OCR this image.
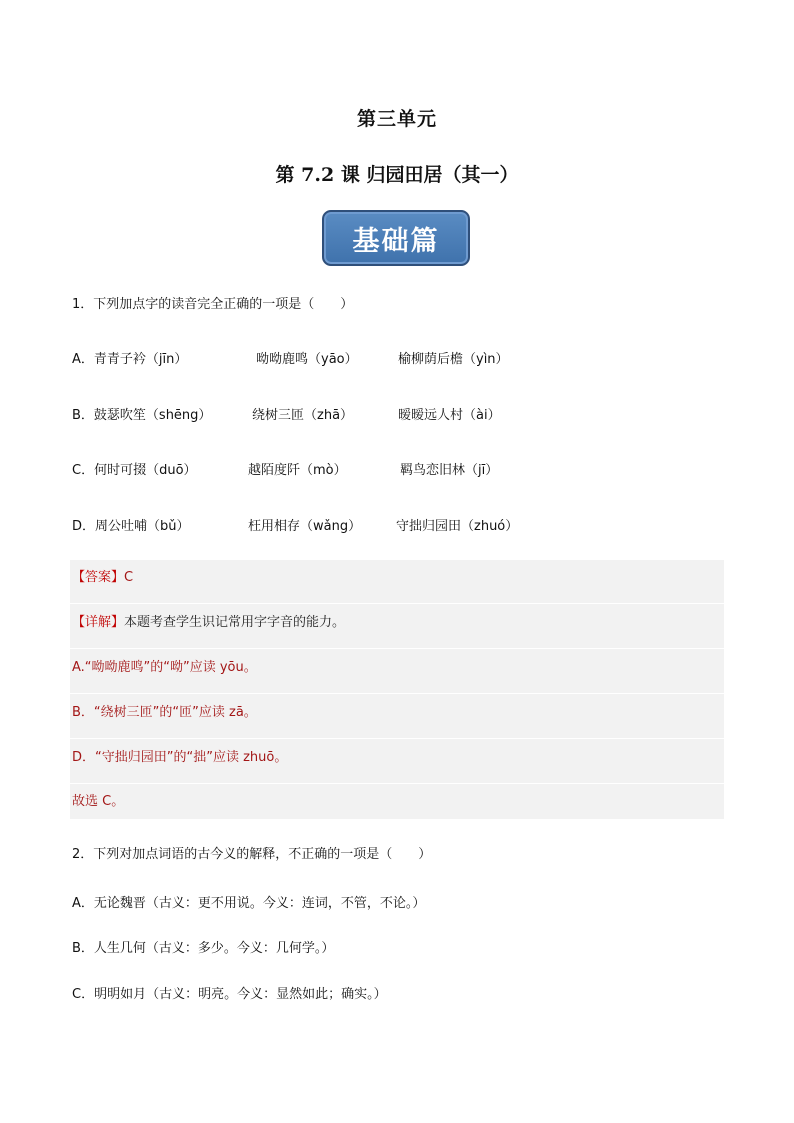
第三单元
第 7.2 课 归园田居（其一）
基础篇
1．下列加点字的读音完全正确的一项是（　　）
A．青青子衿（jīn）	呦呦鹿鸣（yāo）	榆柳荫后檐（yìn）
B．鼓瑟吹笙（shēng）	绕树三匝（zhā）	暧暧远人村（ài）
C．何时可掇（duō）	越陌度阡（mò）	羁鸟恋旧林（jī）
D．周公吐哺（bǔ）	枉用相存（wǎng）	守拙归园田（zhuó）
【答案】C
【详解】本题考查学生识记常用字字音的能力。
A.“呦呦鹿鸣”的“呦”应读 yōu。
B．“绕树三匝”的“匝”应读 zā。
D．“守拙归园田”的“拙”应读 zhuō。
故选 C。
2．下列对加点词语的古今义的解释，不正确的一项是（　　）
A．无论魏晋（古义：更不用说。今义：连词，不管，不论。）
B．人生几何（古义：多少。今义：几何学。）
C．明明如月（古义：明亮。今义：显然如此；确实。）
